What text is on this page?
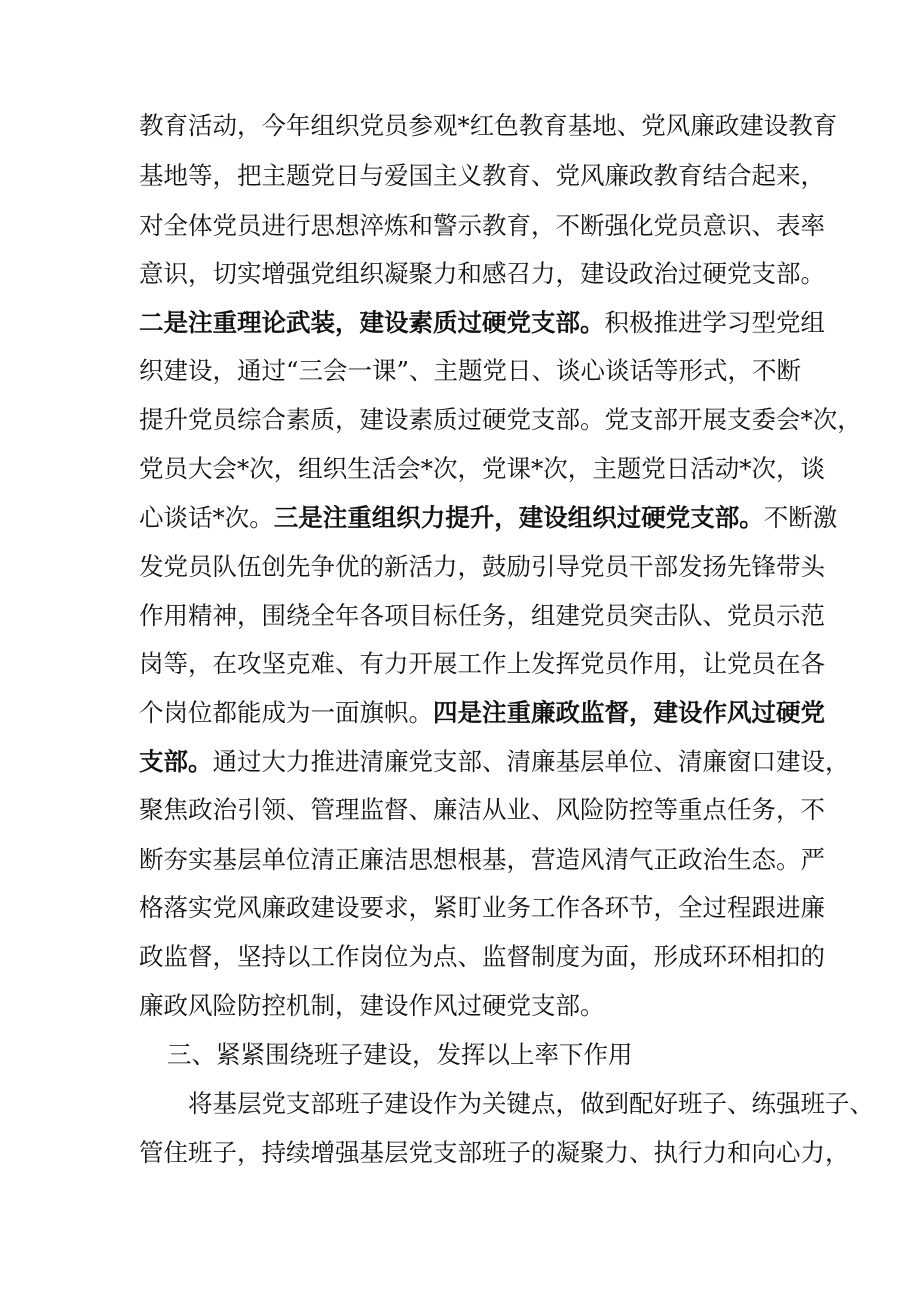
教育活动，今年组织党员参观*红色教育基地、党风廉政建设教育
基地等，把主题党日与爱国主义教育、党风廉政教育结合起来，
对全体党员进行思想淬炼和警示教育，不断强化党员意识、表率
意识，切实增强党组织凝聚力和感召力，建设政治过硬党支部。
二是注重理论武装，建设素质过硬党支部。积极推进学习型党组
织建设，通过“三会一课”、主题党日、谈心谈话等形式，不断
提升党员综合素质，建设素质过硬党支部。党支部开展支委会*次，
党员大会*次，组织生活会*次，党课*次，主题党日活动*次，谈
心谈话*次。三是注重组织力提升，建设组织过硬党支部。不断激
发党员队伍创先争优的新活力，鼓励引导党员干部发扬先锋带头
作用精神，围绕全年各项目标任务，组建党员突击队、党员示范
岗等，在攻坚克难、有力开展工作上发挥党员作用，让党员在各
个岗位都能成为一面旗帜。四是注重廉政监督，建设作风过硬党
支部。通过大力推进清廉党支部、清廉基层单位、清廉窗口建设，
聚焦政治引领、管理监督、廉洁从业、风险防控等重点任务，不
断夯实基层单位清正廉洁思想根基，营造风清气正政治生态。严
格落实党风廉政建设要求，紧盯业务工作各环节，全过程跟进廉
政监督，坚持以工作岗位为点、监督制度为面，形成环环相扣的
廉政风险防控机制，建设作风过硬党支部。
三、紧紧围绕班子建设，发挥以上率下作用
将基层党支部班子建设作为关键点，做到配好班子、练强班子、
管住班子，持续增强基层党支部班子的凝聚力、执行力和向心力，
